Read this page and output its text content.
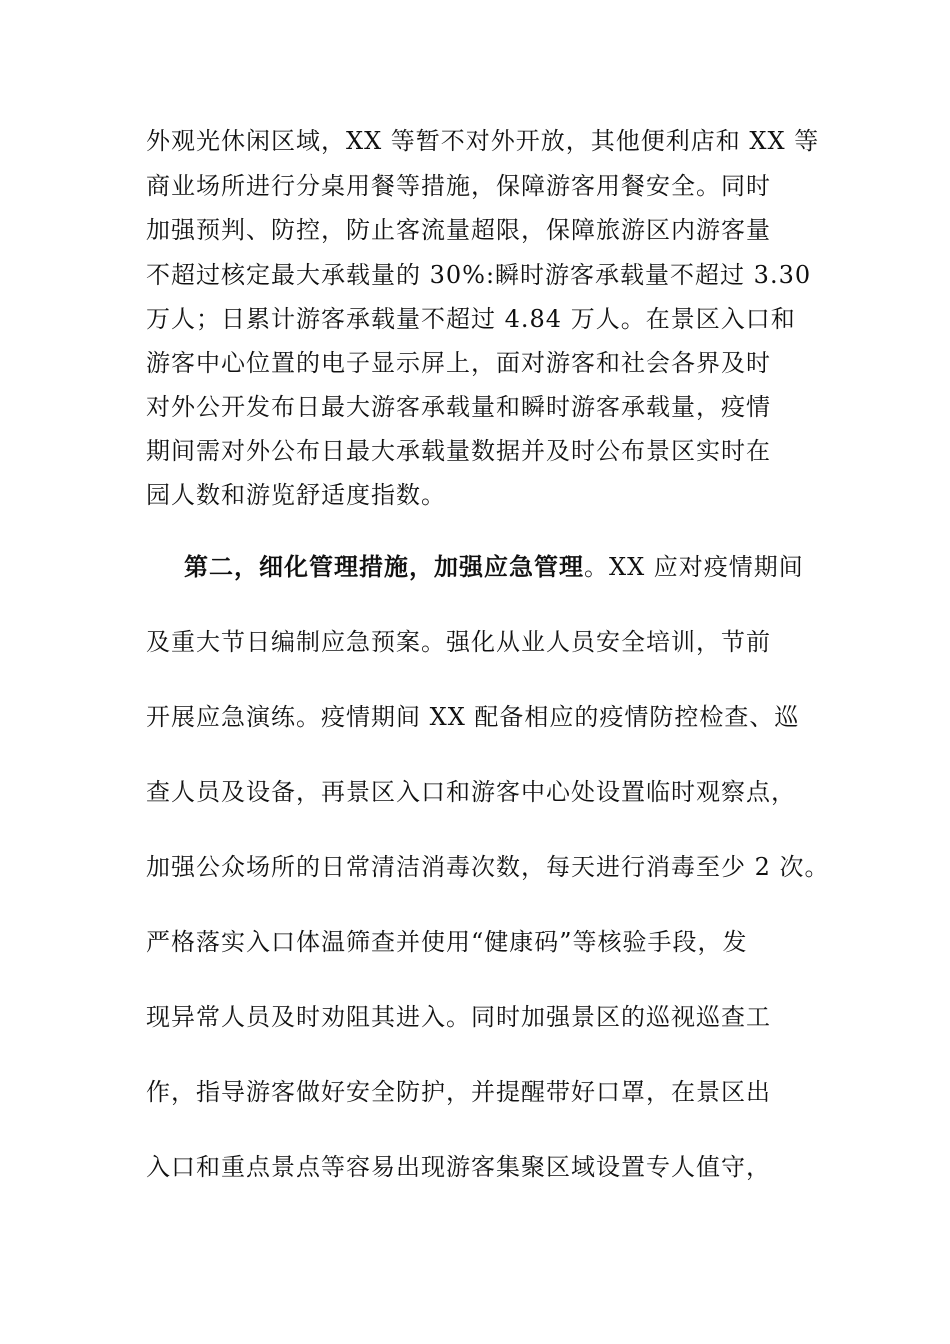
外观光休闲区域，XX 等暂不对外开放，其他便利店和 XX 等
商业场所进行分桌用餐等措施，保障游客用餐安全。同时
加强预判、防控，防止客流量超限，保障旅游区内游客量
不超过核定最大承载量的 30%:瞬时游客承载量不超过 3.30
万人；日累计游客承载量不超过 4.84 万人。在景区入口和
游客中心位置的电子显示屏上，面对游客和社会各界及时
对外公开发布日最大游客承载量和瞬时游客承载量，疫情
期间需对外公布日最大承载量数据并及时公布景区实时在
园人数和游览舒适度指数。
第二，细化管理措施，加强应急管理。XX 应对疫情期间
及重大节日编制应急预案。强化从业人员安全培训，节前
开展应急演练。疫情期间 XX 配备相应的疫情防控检查、巡
查人员及设备，再景区入口和游客中心处设置临时观察点，
加强公众场所的日常清洁消毒次数，每天进行消毒至少 2 次。
严格落实入口体温筛查并使用“健康码”等核验手段，发
现异常人员及时劝阻其进入。同时加强景区的巡视巡查工
作，指导游客做好安全防护，并提醒带好口罩，在景区出
入口和重点景点等容易出现游客集聚区域设置专人值守，
